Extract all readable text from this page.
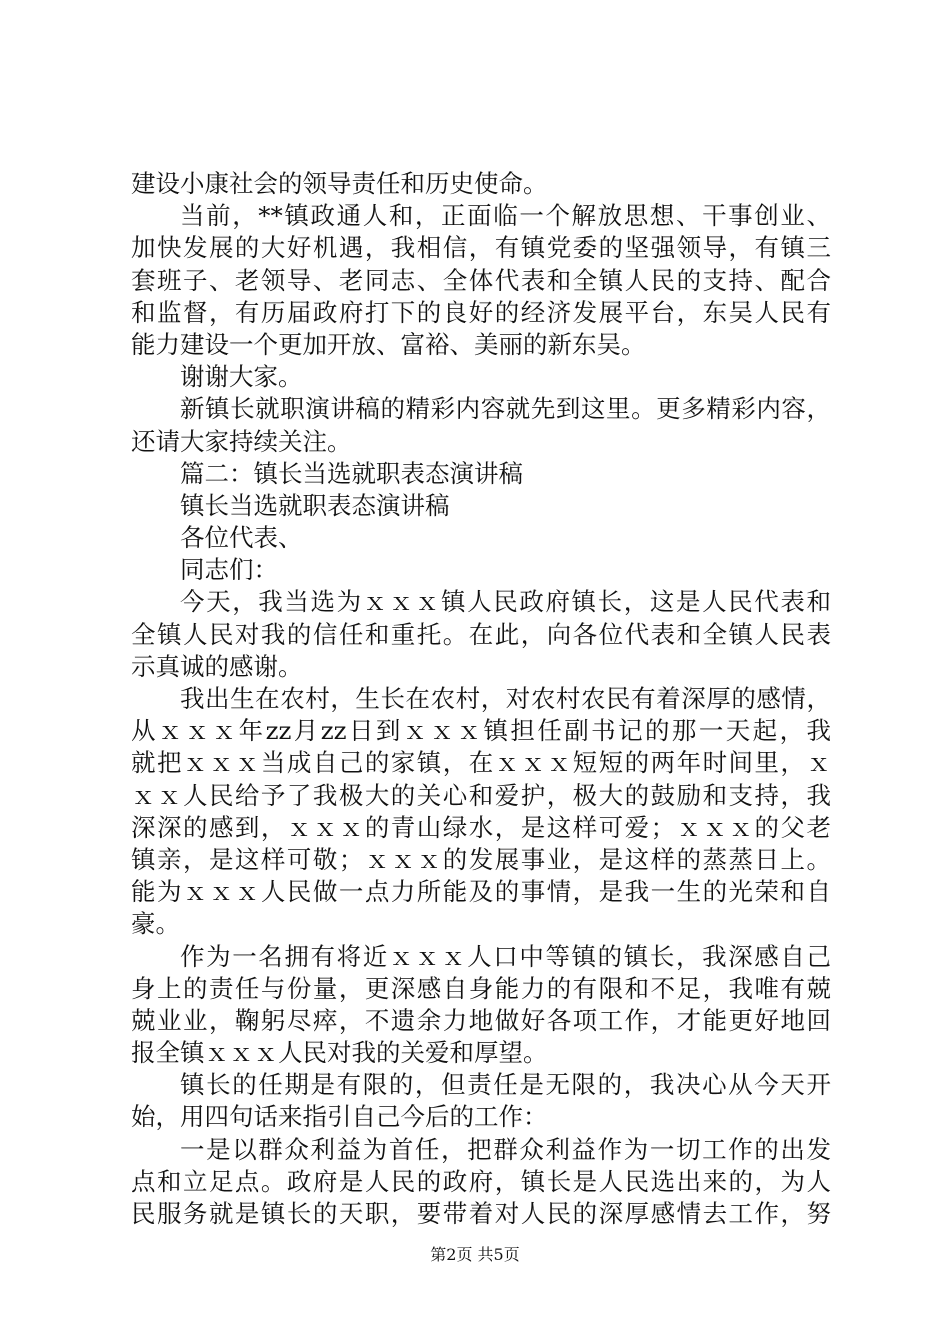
建设小康社会的领导责任和历史使命。
当前，**镇政通人和，正面临一个解放思想、干事创业、
加快发展的大好机遇，我相信，有镇党委的坚强领导，有镇三
套班子、老领导、老同志、全体代表和全镇人民的支持、配合
和监督，有历届政府打下的良好的经济发展平台，东吴人民有
能力建设一个更加开放、富裕、美丽的新东吴。
谢谢大家。
新镇长就职演讲稿的精彩内容就先到这里。更多精彩内容，
还请大家持续关注。
篇二：镇长当选就职表态演讲稿
镇长当选就职表态演讲稿
各位代表、
同志们：
今天，我当选为ｘｘｘ镇人民政府镇长，这是人民代表和
全镇人民对我的信任和重托。在此，向各位代表和全镇人民表
示真诚的感谢。
我出生在农村，生长在农村，对农村农民有着深厚的感情，
从ｘｘｘ年zz月zz日到ｘｘｘ镇担任副书记的那一天起，我
就把ｘｘｘ当成自己的家镇，在ｘｘｘ短短的两年时间里，ｘ
ｘｘ人民给予了我极大的关心和爱护，极大的鼓励和支持，我
深深的感到，ｘｘｘ的青山绿水，是这样可爱；ｘｘｘ的父老
镇亲，是这样可敬；ｘｘｘ的发展事业，是这样的蒸蒸日上。
能为ｘｘｘ人民做一点力所能及的事情，是我一生的光荣和自
豪。
作为一名拥有将近ｘｘｘ人口中等镇的镇长，我深感自己
身上的责任与份量，更深感自身能力的有限和不足，我唯有兢
兢业业，鞠躬尽瘁，不遗余力地做好各项工作，才能更好地回
报全镇ｘｘｘ人民对我的关爱和厚望。
镇长的任期是有限的，但责任是无限的，我决心从今天开
始，用四句话来指引自己今后的工作：
一是以群众利益为首任，把群众利益作为一切工作的出发
点和立足点。政府是人民的政府，镇长是人民选出来的，为人
民服务就是镇长的天职，要带着对人民的深厚感情去工作，努
第2页 共5页
